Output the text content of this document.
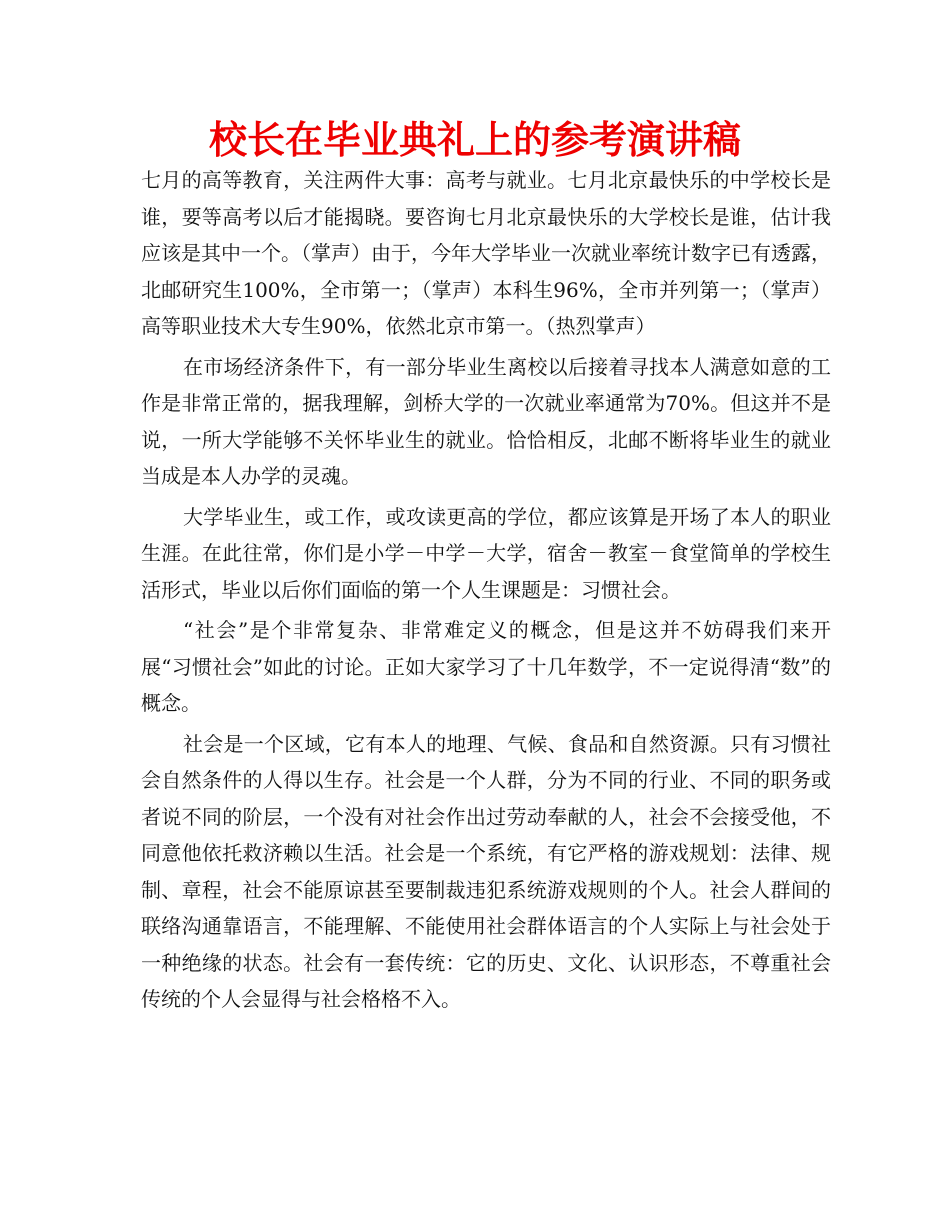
校长在毕业典礼上的参考演讲稿

七月的高等教育，关注两件大事：高考与就业。七月北京最快乐的中学校长是谁，要等高考以后才能揭晓。要咨询七月北京最快乐的大学校长是谁，估计我应该是其中一个。（掌声）由于，今年大学毕业一次就业率统计数字已有透露，北邮研究生100%，全市第一；（掌声）本科生96%，全市并列第一；（掌声）高等职业技术大专生90%，依然北京市第一。（热烈掌声）

在市场经济条件下，有一部分毕业生离校以后接着寻找本人满意如意的工作是非常正常的，据我理解，剑桥大学的一次就业率通常为70%。但这并不是说，一所大学能够不关怀毕业生的就业。恰恰相反，北邮不断将毕业生的就业当成是本人办学的灵魂。

大学毕业生，或工作，或攻读更高的学位，都应该算是开场了本人的职业生涯。在此往常，你们是小学－中学－大学，宿舍－教室－食堂简单的学校生活形式，毕业以后你们面临的第一个人生课题是：习惯社会。

“社会”是个非常复杂、非常难定义的概念，但是这并不妨碍我们来开展“习惯社会”如此的讨论。正如大家学习了十几年数学，不一定说得清“数”的概念。

社会是一个区域，它有本人的地理、气候、食品和自然资源。只有习惯社会自然条件的人得以生存。社会是一个人群，分为不同的行业、不同的职务或者说不同的阶层，一个没有对社会作出过劳动奉献的人，社会不会接受他，不同意他依托救济赖以生活。社会是一个系统，有它严格的游戏规划：法律、规制、章程，社会不能原谅甚至要制裁违犯系统游戏规则的个人。社会人群间的联络沟通靠语言，不能理解、不能使用社会群体语言的个人实际上与社会处于一种绝缘的状态。社会有一套传统：它的历史、文化、认识形态，不尊重社会传统的个人会显得与社会格格不入。
